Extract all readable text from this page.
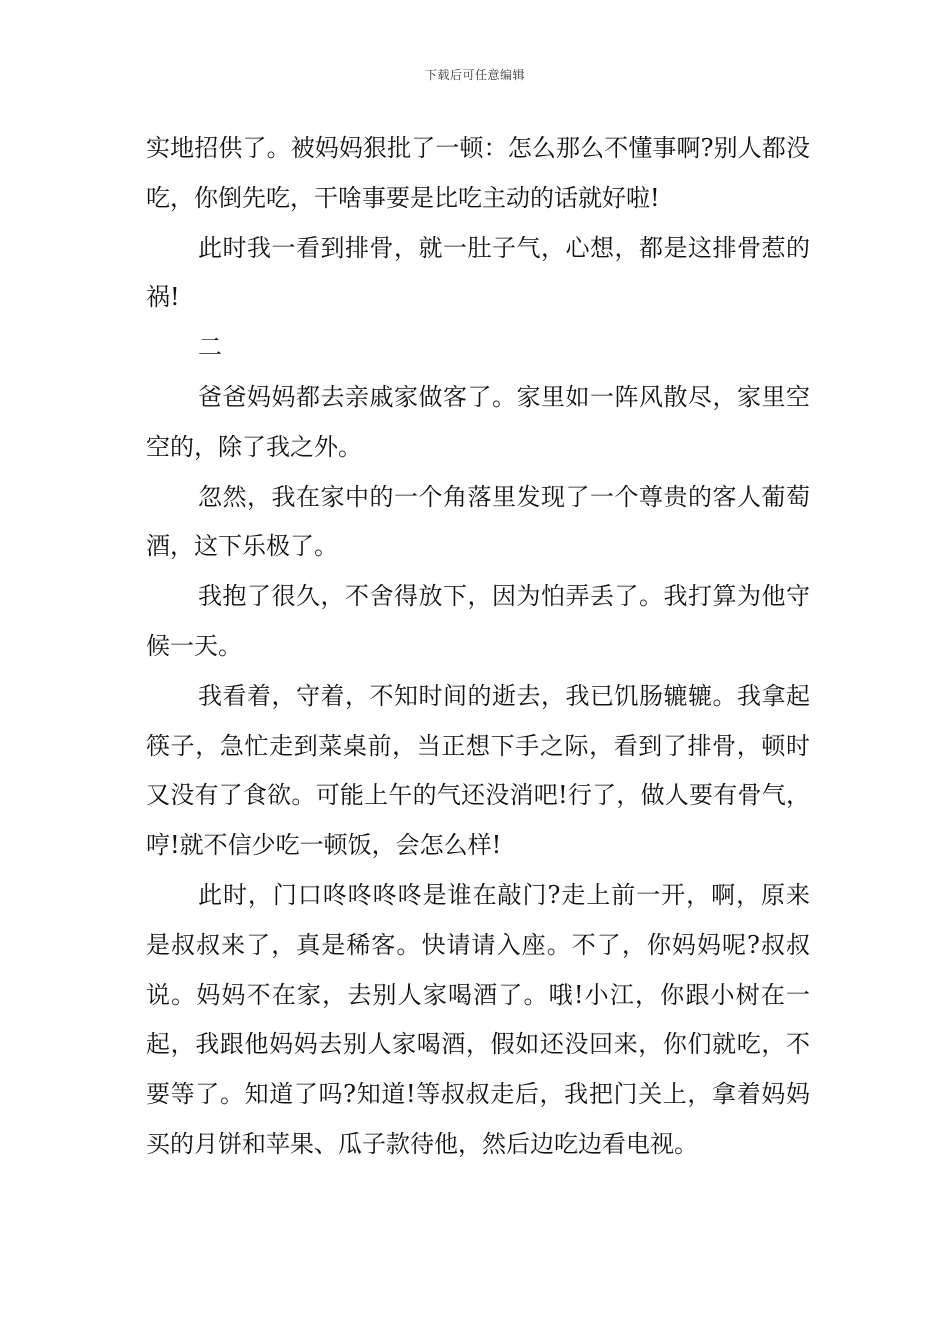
下载后可任意编辑

实地招供了。被妈妈狠批了一顿：怎么那么不懂事啊?别人都没吃，你倒先吃，干啥事要是比吃主动的话就好啦!

此时我一看到排骨，就一肚子气，心想，都是这排骨惹的祸!

二

爸爸妈妈都去亲戚家做客了。家里如一阵风散尽，家里空空的，除了我之外。

忽然，我在家中的一个角落里发现了一个尊贵的客人葡萄酒，这下乐极了。

我抱了很久，不舍得放下，因为怕弄丢了。我打算为他守候一天。

我看着，守着，不知时间的逝去，我已饥肠辘辘。我拿起筷子，急忙走到菜桌前，当正想下手之际，看到了排骨，顿时又没有了食欲。可能上午的气还没消吧!行了，做人要有骨气，哼!就不信少吃一顿饭，会怎么样!

此时，门口咚咚咚咚是谁在敲门?走上前一开，啊，原来是叔叔来了，真是稀客。快请请入座。不了，你妈妈呢?叔叔说。妈妈不在家，去别人家喝酒了。哦!小江，你跟小树在一起，我跟他妈妈去别人家喝酒，假如还没回来，你们就吃，不要等了。知道了吗?知道!等叔叔走后，我把门关上，拿着妈妈买的月饼和苹果、瓜子款待他，然后边吃边看电视。
